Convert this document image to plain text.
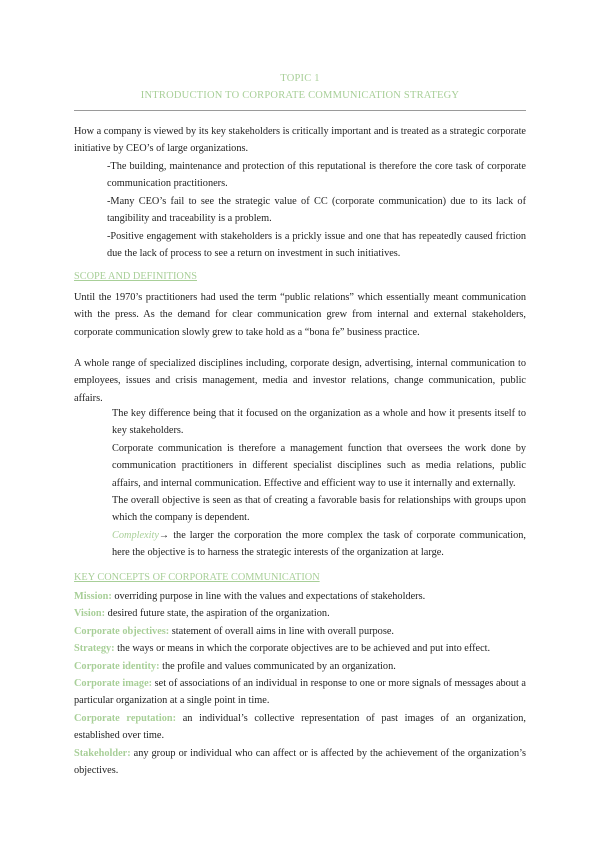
TOPIC 1
INTRODUCTION TO CORPORATE COMMUNICATION STRATEGY

How a company is viewed by its key stakeholders is critically important and is treated as a strategic corporate initiative by CEO’s of large organizations.

-The building, maintenance and protection of this reputational is therefore the core task of corporate communication practitioners.

-Many CEO’s fail to see the strategic value of CC (corporate communication) due to its lack of tangibility and traceability is a problem.

-Positive engagement with stakeholders is a prickly issue and one that has repeatedly caused friction due the lack of process to see a return on investment in such initiatives.

SCOPE AND DEFINITIONS

Until the 1970’s practitioners had used the term “public relations” which essentially meant communication with the press. As the demand for clear communication grew from internal and external stakeholders, corporate communication slowly grew to take hold as a “bona fe” business practice.

A whole range of specialized disciplines including, corporate design, advertising, internal communication to employees, issues and crisis management, media and investor relations, change communication, public affairs.

The key difference being that it focused on the organization as a whole and how it presents itself to key stakeholders.

Corporate communication is therefore a management function that oversees the work done by communication practitioners in different specialist disciplines such as media relations, public affairs, and internal communication. Effective and efficient way to use it internally and externally.

The overall objective is seen as that of creating a favorable basis for relationships with groups upon which the company is dependent.

Complexity→ the larger the corporation the more complex the task of corporate communication, here the objective is to harness the strategic interests of the organization at large.

KEY CONCEPTS OF CORPORATE COMMUNICATION

Mission: overriding purpose in line with the values and expectations of stakeholders.

Vision: desired future state, the aspiration of the organization.

Corporate objectives: statement of overall aims in line with overall purpose.

Strategy: the ways or means in which the corporate objectives are to be achieved and put into effect.

Corporate identity: the profile and values communicated by an organization.

Corporate image: set of associations of an individual in response to one or more signals of messages about a particular organization at a single point in time.

Corporate reputation: an individual’s collective representation of past images of an organization, established over time.

Stakeholder: any group or individual who can affect or is affected by the achievement of the organization’s objectives.
